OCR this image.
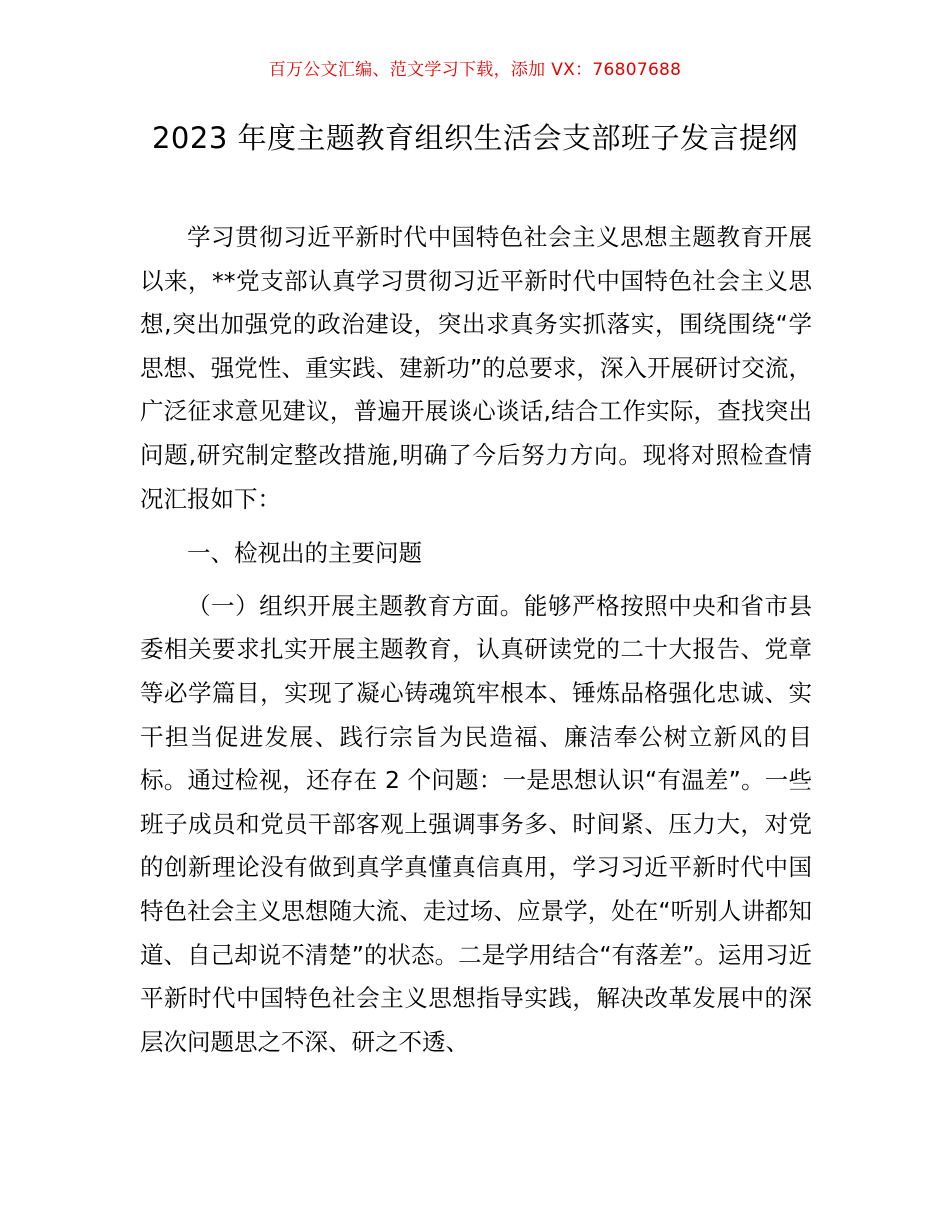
百万公文汇编、范文学习下载，添加 VX：76807688
2023 年度主题教育组织生活会支部班子发言提纲

学习贯彻习近平新时代中国特色社会主义思想主题教育开展以来，**党支部认真学习贯彻习近平新时代中国特色社会主义思想,突出加强党的政治建设，突出求真务实抓落实，围绕围绕“学思想、强党性、重实践、建新功”的总要求，深入开展研讨交流，广泛征求意见建议，普遍开展谈心谈话,结合工作实际，查找突出问题,研究制定整改措施,明确了今后努力方向。现将对照检查情况汇报如下：

一、检视出的主要问题

（一）组织开展主题教育方面。能够严格按照中央和省市县委相关要求扎实开展主题教育，认真研读党的二十大报告、党章等必学篇目，实现了凝心铸魂筑牢根本、锤炼品格强化忠诚、实干担当促进发展、践行宗旨为民造福、廉洁奉公树立新风的目标。通过检视，还存在 2 个问题：一是思想认识“有温差”。一些班子成员和党员干部客观上强调事务多、时间紧、压力大，对党的创新理论没有做到真学真懂真信真用，学习习近平新时代中国特色社会主义思想随大流、走过场、应景学，处在“听别人讲都知道、自己却说不清楚”的状态。二是学用结合“有落差”。运用习近平新时代中国特色社会主义思想指导实践，解决改革发展中的深层次问题思之不深、研之不透、
